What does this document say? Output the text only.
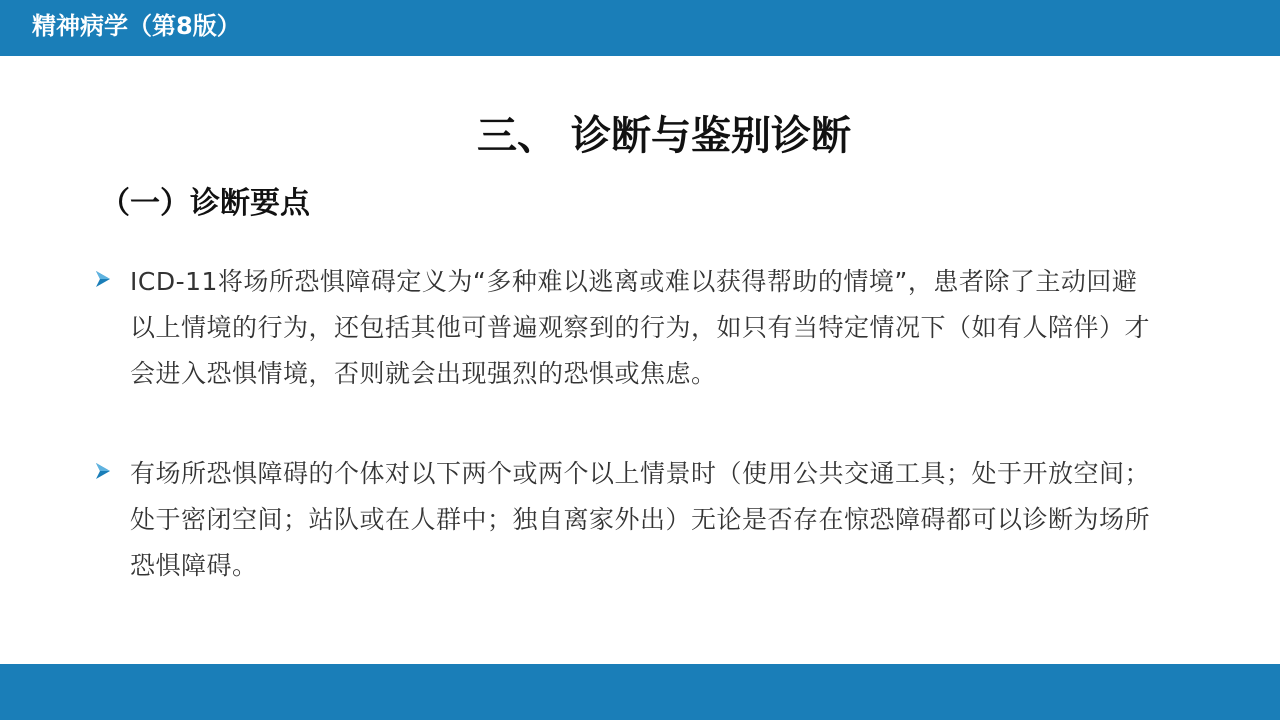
精神病学（第8版）
三、 诊断与鉴别诊断
（一）诊断要点
ICD-11将场所恐惧障碍定义为“多种难以逃离或难以获得帮助的情境”，患者除了主动回避以上情境的行为，还包括其他可普遍观察到的行为，如只有当特定情况下（如有人陪伴）才会进入恐惧情境，否则就会出现强烈的恐惧或焦虑。
有场所恐惧障碍的个体对以下两个或两个以上情景时（使用公共交通工具；处于开放空间；处于密闭空间；站队或在人群中；独自离家外出）无论是否存在惊恐障碍都可以诊断为场所恐惧障碍。
